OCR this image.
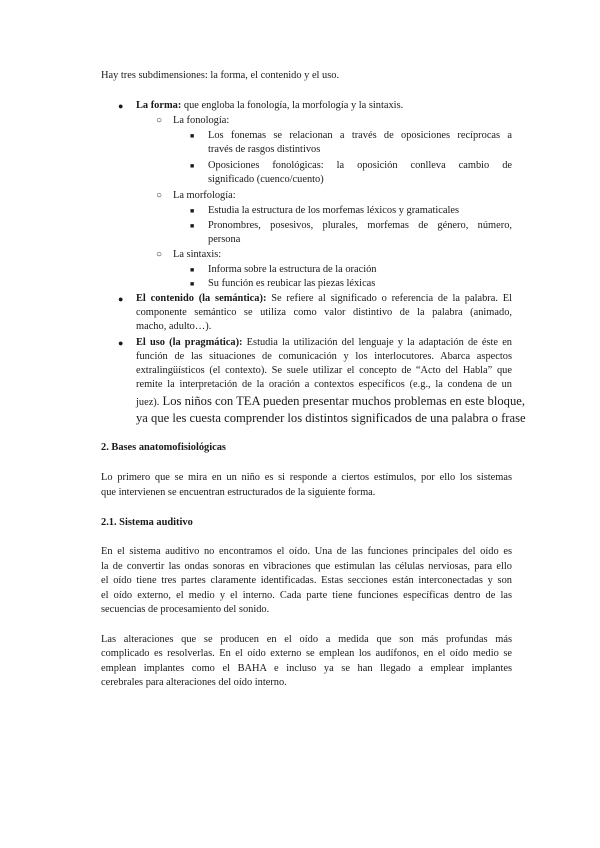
Hay tres subdimensiones: la forma, el contenido y el uso.
● La forma: que engloba la fonología, la morfología y la sintaxis.
○ La fonología:
■ Los fonemas se relacionan a través de oposiciones recíprocas a
través de rasgos distintivos
■ Oposiciones fonológicas: la oposición conlleva cambio de
significado (cuenco/cuento)
○ La morfología:
■ Estudia la estructura de los morfemas léxicos y gramaticales
■ Pronombres, posesivos, plurales, morfemas de género, número,
persona
○ La sintaxis:
■ Informa sobre la estructura de la oración
■ Su función es reubicar las piezas léxicas
● El contenido (la semántica): Se refiere al significado o referencia de la palabra. El
componente semántico se utiliza como valor distintivo de la palabra (animado,
macho, adulto…).
● El uso (la pragmática): Estudia la utilización del lenguaje y la adaptación de éste en
función de las situaciones de comunicación y los interlocutores. Abarca aspectos
extralingüísticos (el contexto). Se suele utilizar el concepto de “Acto del Habla” que
remite la interpretación de la oración a contextos específicos (e.g., la condena de un
juez). Los niños con TEA pueden presentar muchos problemas en este bloque,
ya que les cuesta comprender los distintos significados de una palabra o frase
2. Bases anatomofisiológicas
Lo primero que se mira en un niño es si responde a ciertos estímulos, por ello los sistemas
que intervienen se encuentran estructurados de la siguiente forma.
2.1. Sistema auditivo
En el sistema auditivo no encontramos el oído. Una de las funciones principales del oído es
la de convertir las ondas sonoras en vibraciones que estimulan las células nerviosas, para ello
el oído tiene tres partes claramente identificadas. Estas secciones están interconectadas y son
el oído externo, el medio y el interno. Cada parte tiene funciones específicas dentro de las
secuencias de procesamiento del sonido.
Las alteraciones que se producen en el oído a medida que son más profundas más
complicado es resolverlas. En el oído externo se emplean los audífonos, en el oído medio se
emplean implantes como el BAHA e incluso ya se han llegado a emplear implantes
cerebrales para alteraciones del oído interno.
